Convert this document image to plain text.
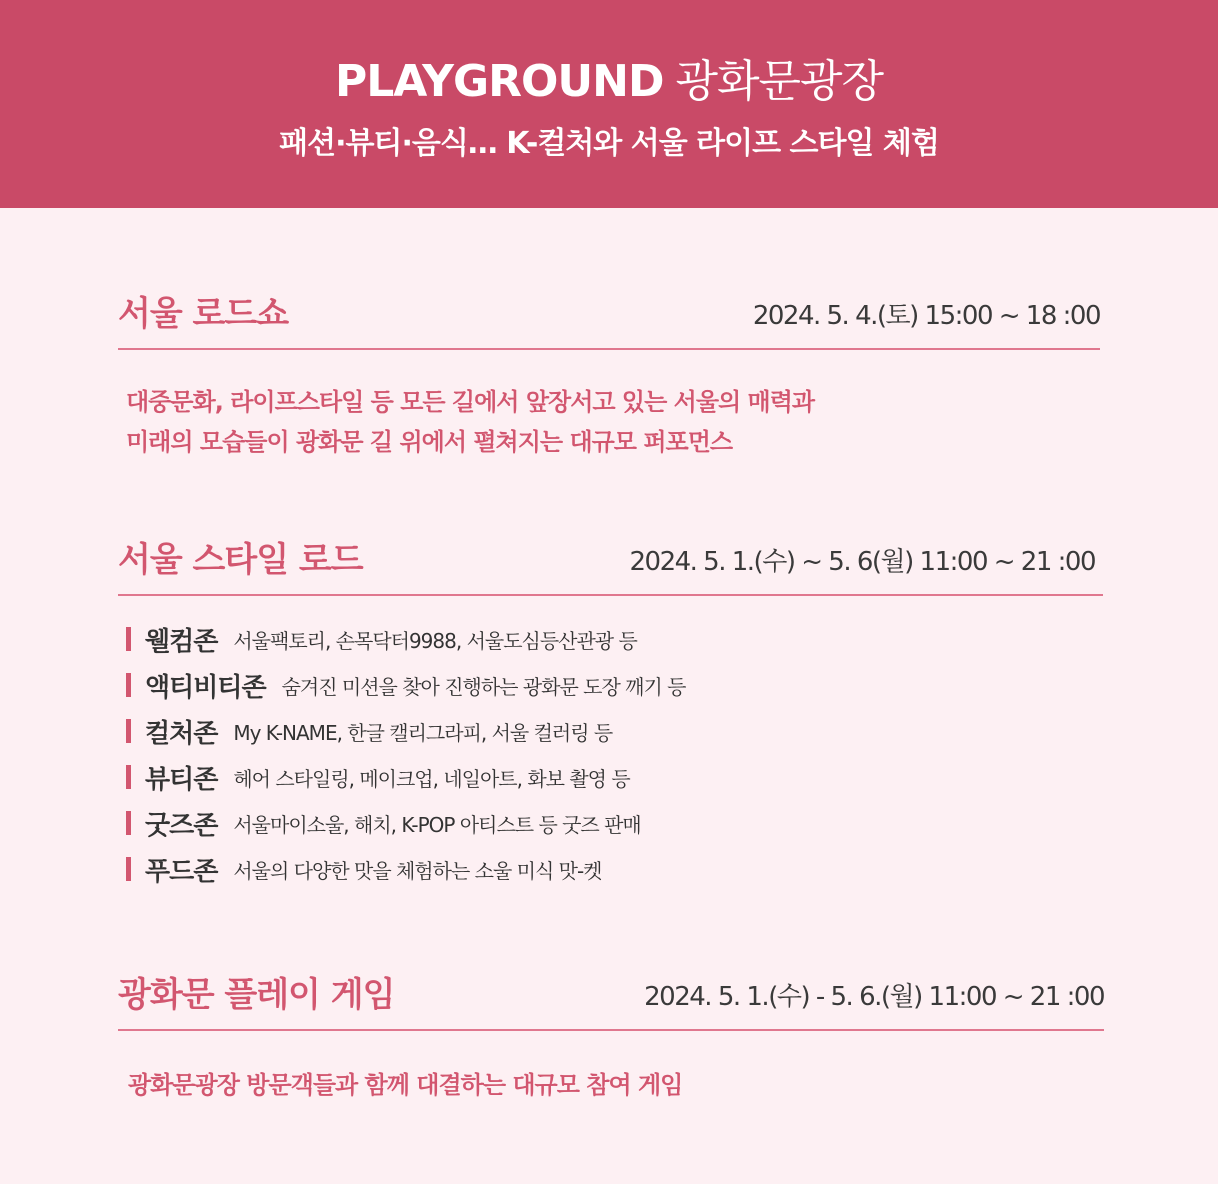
PLAYGROUND 광화문광장
패션·뷰티·음식… K-컬처와 서울 라이프 스타일 체험
서울 로드쇼	2024. 5. 4.(토) 15:00 ~ 18 :00
대중문화, 라이프스타일 등 모든 길에서 앞장서고 있는 서울의 매력과
미래의 모습들이 광화문 길 위에서 펼쳐지는 대규모 퍼포먼스
서울 스타일 로드	2024. 5. 1.(수) ~ 5. 6(월) 11:00 ~ 21 :00
웰컴존 서울팩토리, 손목닥터9988, 서울도심등산관광 등
액티비티존 숨겨진 미션을 찾아 진행하는 광화문 도장 깨기 등
컬처존 My K-NAME, 한글 캘리그라피, 서울 컬러링 등
뷰티존 헤어 스타일링, 메이크업, 네일아트, 화보 촬영 등
굿즈존 서울마이소울, 해치, K-POP 아티스트 등 굿즈 판매
푸드존 서울의 다양한 맛을 체험하는 소울 미식 맛-켓
광화문 플레이 게임	2024. 5. 1.(수) - 5. 6.(월) 11:00 ~ 21 :00
광화문광장 방문객들과 함께 대결하는 대규모 참여 게임
